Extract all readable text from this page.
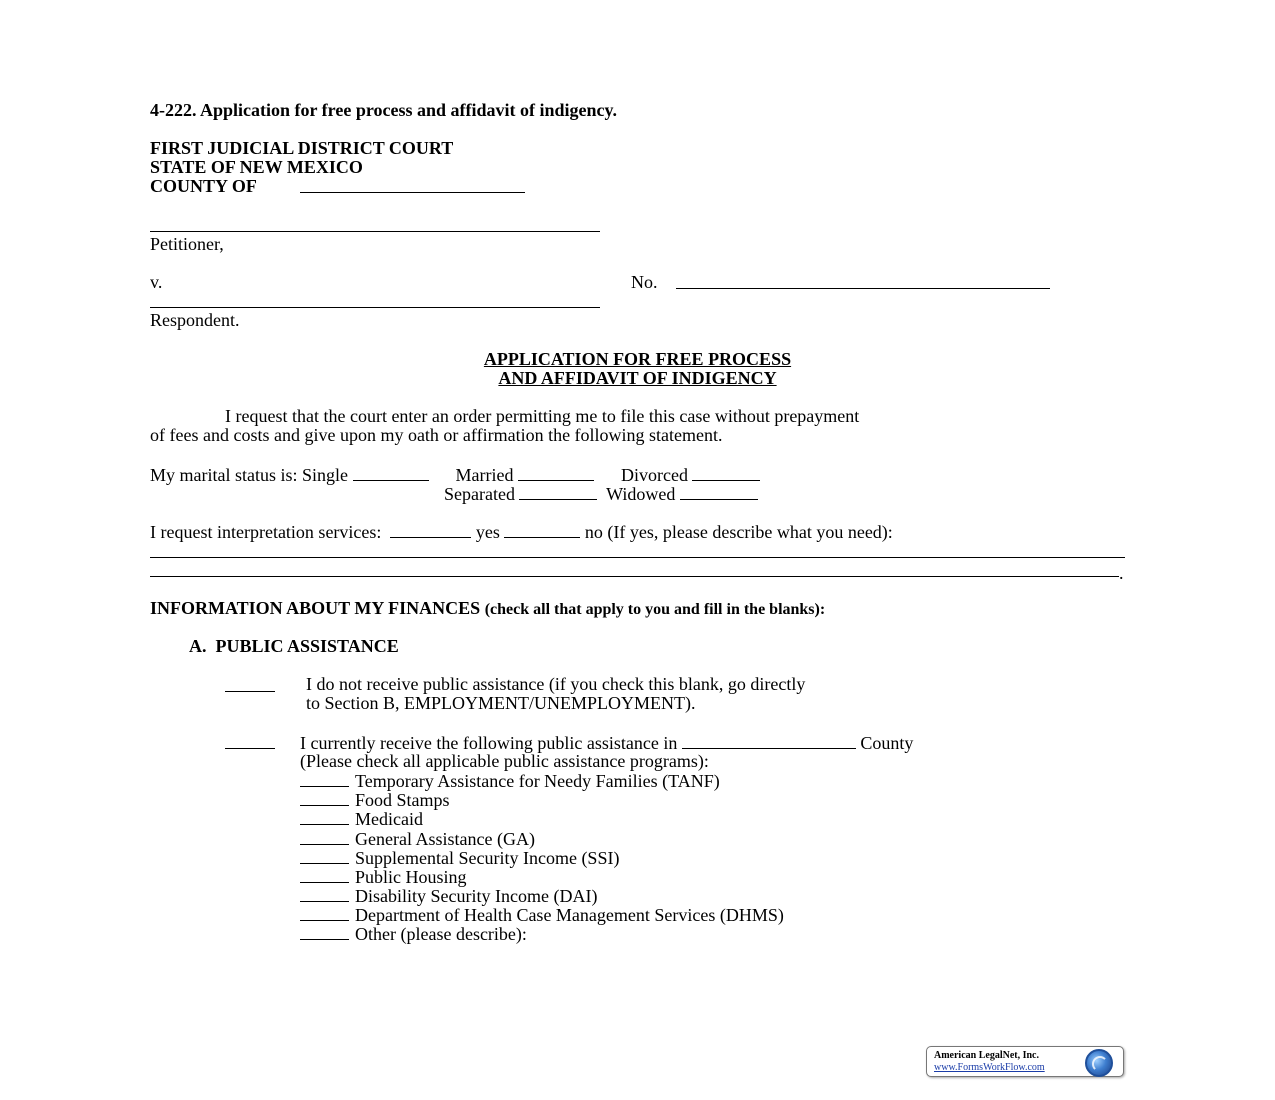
4-222. Application for free process and affidavit of indigency.
FIRST JUDICIAL DISTRICT COURT
STATE OF NEW MEXICO
COUNTY OF
Petitioner,
v.	No.
Respondent.
APPLICATION FOR FREE PROCESS
AND AFFIDAVIT OF INDIGENCY
I request that the court enter an order permitting me to file this case without prepayment
of fees and costs and give upon my oath or affirmation the following statement.
My marital status is: Single	Married	Divorced
Separated	Widowed
I request interpretation services:	yes	no (If yes, please describe what you need):
.
INFORMATION ABOUT MY FINANCES (check all that apply to you and fill in the blanks):
A.  PUBLIC ASSISTANCE
I do not receive public assistance (if you check this blank, go directly
to Section B, EMPLOYMENT/UNEMPLOYMENT).
I currently receive the following public assistance in	County
(Please check all applicable public assistance programs):
Temporary Assistance for Needy Families (TANF)
Food Stamps
Medicaid
General Assistance (GA)
Supplemental Security Income (SSI)
Public Housing
Disability Security Income (DAI)
Department of Health Case Management Services (DHMS)
Other (please describe):
American LegalNet, Inc.
www.FormsWorkFlow.com
